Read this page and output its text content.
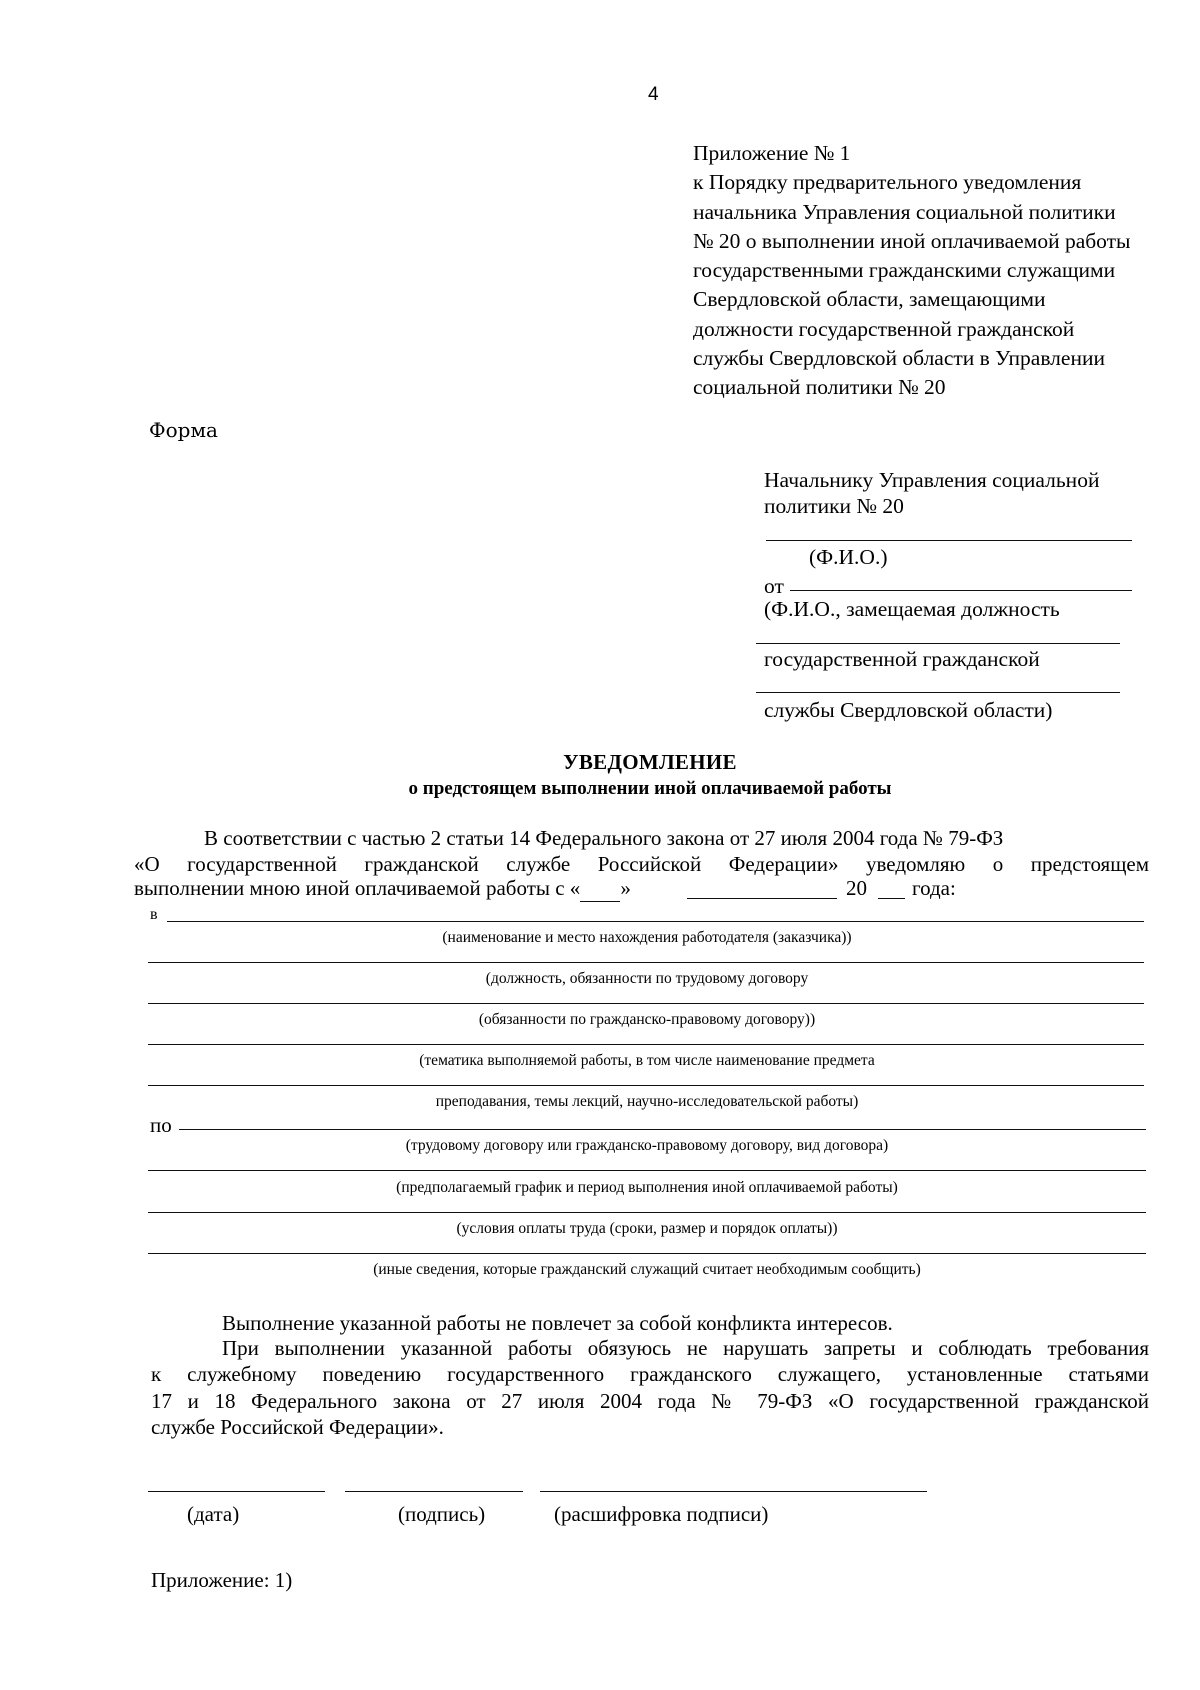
4
Приложение № 1
к Порядку предварительного уведомления
начальника Управления социальной политики
№ 20 о выполнении иной оплачиваемой работы
государственными гражданскими служащими
Свердловской области, замещающими
должности государственной гражданской
службы Свердловской области в Управлении
социальной политики № 20
Форма
Начальнику Управления социальной
политики № 20
(Ф.И.О.)
от
(Ф.И.О., замещаемая должность
государственной гражданской
службы Свердловской области)
УВЕДОМЛЕНИЕ
о предстоящем выполнении иной оплачиваемой работы
В соответствии с частью 2 статьи 14 Федерального закона от 27 июля 2004 года № 79-ФЗ
«О государственной гражданской службе Российской Федерации» уведомляю о предстоящем
выполнении мною иной оплачиваемой работы с « »	20 года:
в
(наименование и место нахождения работодателя (заказчика))
(должность, обязанности по трудовому договору
(обязанности по гражданско-правовому договору))
(тематика выполняемой работы, в том числе наименование предмета
преподавания, темы лекций, научно-исследовательской работы)
по
(трудовому договору или гражданско-правовому договору, вид договора)
(предполагаемый график и период выполнения иной оплачиваемой работы)
(условия оплаты труда (сроки, размер и порядок оплаты))
(иные сведения, которые гражданский служащий считает необходимым сообщить)
Выполнение указанной работы не повлечет за собой конфликта интересов.
При выполнении указанной работы обязуюсь не нарушать запреты и соблюдать требования
к служебному поведению государственного гражданского служащего, установленные статьями
17 и 18 Федерального закона от 27 июля 2004 года № 79-ФЗ «О государственной гражданской
службе Российской Федерации».
(дата)	(подпись)	(расшифровка подписи)
Приложение: 1)
